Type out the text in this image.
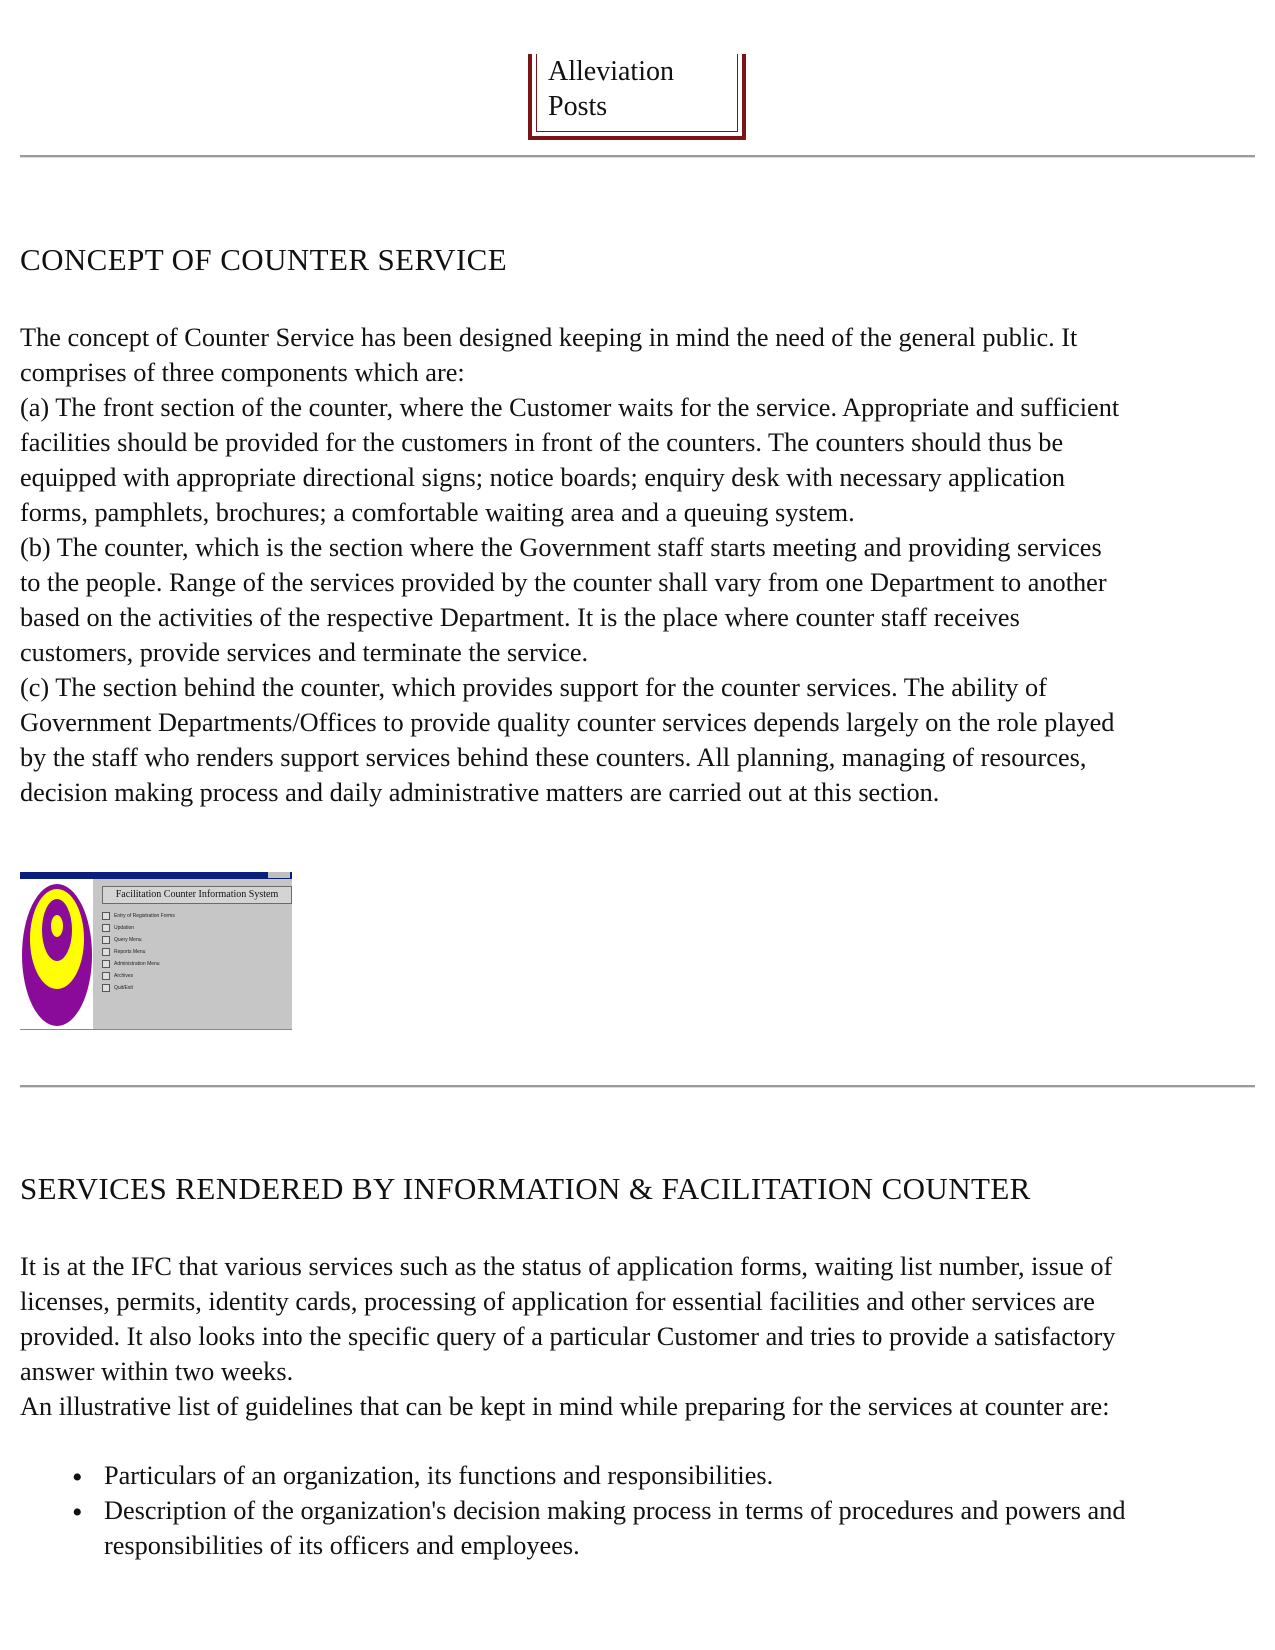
Alleviation
Posts
CONCEPT OF COUNTER SERVICE
The concept of Counter Service has been designed keeping in mind the need of the general public. It
comprises of three components which are:
(a) The front section of the counter, where the Customer waits for the service. Appropriate and sufficient
facilities should be provided for the customers in front of the counters. The counters should thus be
equipped with appropriate directional signs; notice boards; enquiry desk with necessary application
forms, pamphlets, brochures; a comfortable waiting area and a queuing system.
(b) The counter, which is the section where the Government staff starts meeting and providing services
to the people. Range of the services provided by the counter shall vary from one Department to another
based on the activities of the respective Department. It is the place where counter staff receives
customers, provide services and terminate the service.
(c) The section behind the counter, which provides support for the counter services. The ability of
Government Departments/Offices to provide quality counter services depends largely on the role played
by the staff who renders support services behind these counters. All planning, managing of resources,
decision making process and daily administrative matters are carried out at this section.
Facilitation Counter Information System
Entry of Registration Forms
Updation
Query Menu
Reports Menu
Administration Menu
Archives
Quit/Exit
SERVICES RENDERED BY INFORMATION & FACILITATION COUNTER
It is at the IFC that various services such as the status of application forms, waiting list number, issue of
licenses, permits, identity cards, processing of application for essential facilities and other services are
provided. It also looks into the specific query of a particular Customer and tries to provide a satisfactory
answer within two weeks.
An illustrative list of guidelines that can be kept in mind while preparing for the services at counter are:
• Particulars of an organization, its functions and responsibilities.
• Description of the organization's decision making process in terms of procedures and powers and
responsibilities of its officers and employees.
